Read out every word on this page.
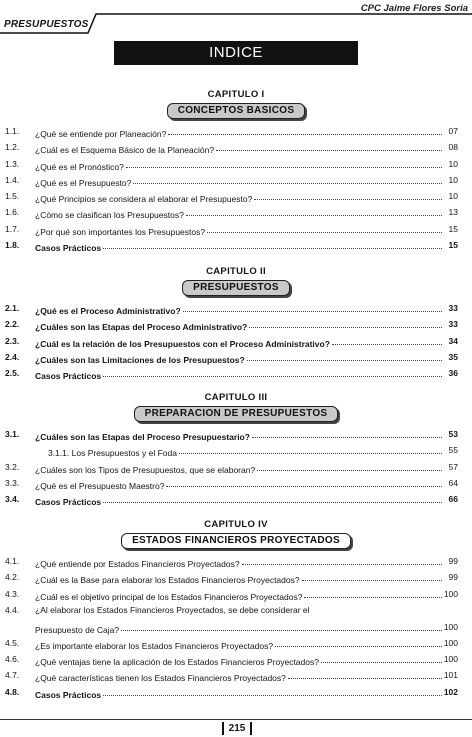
CPC Jaime Flores Soria
PRESUPUESTOS
INDICE
CAPITULO I
CONCEPTOS BASICOS
1.1. ¿Qué se entiende por Planeación?	07
1.2. ¿Cuál es el Esquema Básico de la Planeación?	08
1.3. ¿Qué es el Pronóstico?	10
1.4. ¿Qué es el Presupuesto?	10
1.5. ¿Qué Principios se considera al elaborar el Presupuesto?	10
1.6. ¿Cómo se clasifican los Presupuestos?	13
1.7. ¿Por qué son importantes los Presupuestos?	15
1.8. Casos Prácticos	15
CAPITULO II
PRESUPUESTOS
2.1. ¿Qué es el Proceso Administrativo?	33
2.2. ¿Cuáles son las Etapas del Proceso Administrativo?	33
2.3. ¿Cuál es la relación de los Presupuestos con el Proceso Administrativo?	34
2.4. ¿Cuáles son las Limitaciones de los Presupuestos?	35
2.5. Casos Prácticos	36
CAPITULO III
PREPARACION DE PRESUPUESTOS
3.1. ¿Cuáles son las Etapas del Proceso Presupuestario?	53
3.1.1. Los Presupuestos y el Foda	55
3.2. ¿Cuáles son los Tipos de Presupuestos, que se elaboran?	57
3.3. ¿Qué es el Presupuesto Maestro?	64
3.4. Casos Prácticos	66
CAPITULO IV
ESTADOS FINANCIEROS PROYECTADOS
4.1. ¿Qué entiende por Estados Financieros Proyectados?	99
4.2. ¿Cuál es la Base para elaborar los Estados Financieros Proyectados?	99
4.3. ¿Cuál es el objetivo principal de los Estados Financieros Proyectados?	100
4.4. ¿Al elaborar los Estados Financieros Proyectados, se debe considerar el
Presupuesto de Caja?	100
4.5. ¿Es importante elaborar los Estados Financieros Proyectados?	100
4.6. ¿Qué ventajas tiene la aplicación de los Estados Financieros Proyectados?	100
4.7. ¿Qué características tienen los Estados Financieros Proyectados?	101
4.8. Casos Prácticos	102
215
